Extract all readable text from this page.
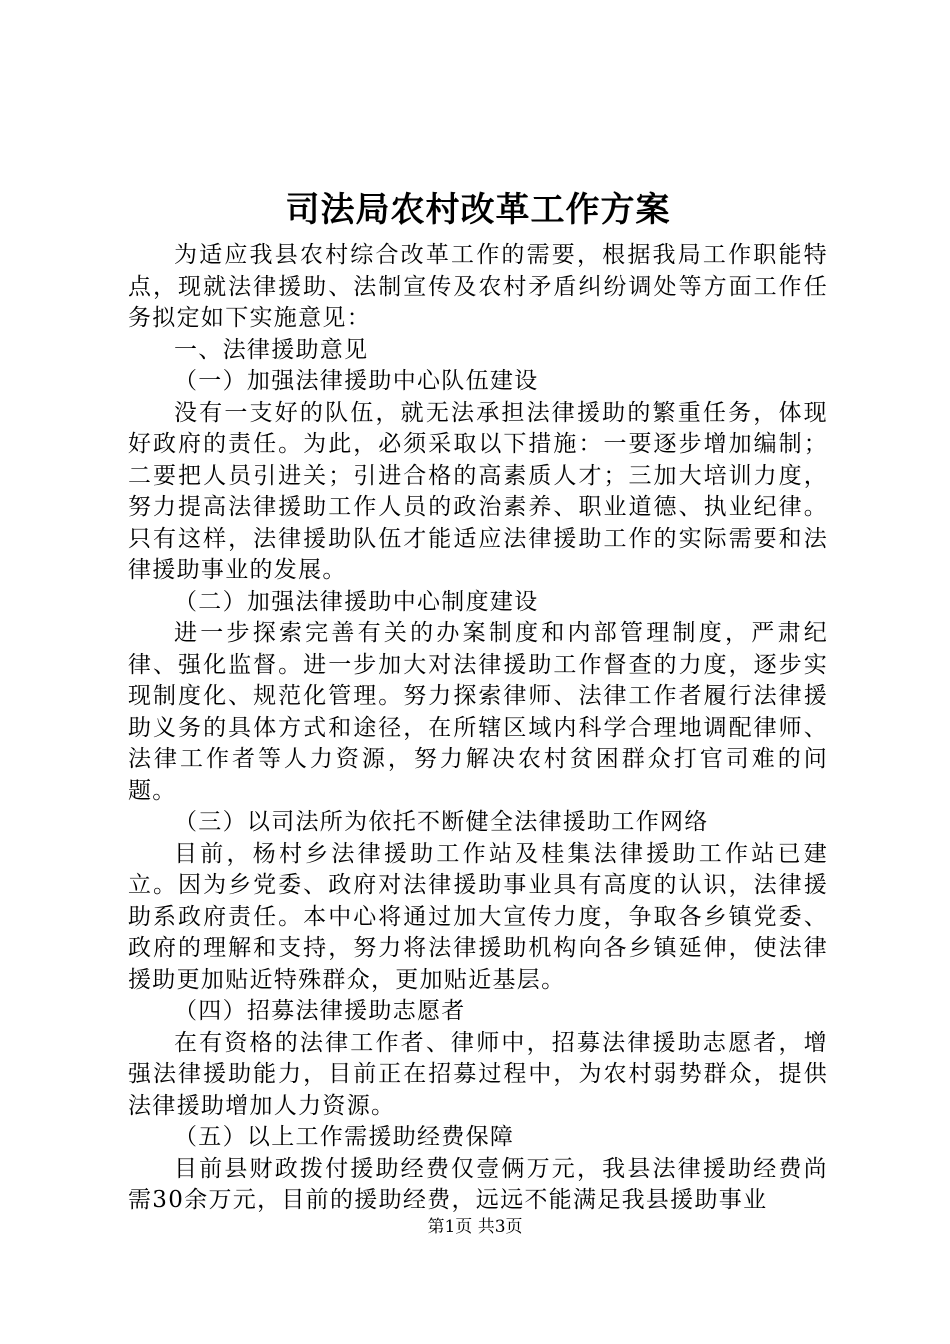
司法局农村改革工作方案

为适应我县农村综合改革工作的需要，根据我局工作职能特点，现就法律援助、法制宣传及农村矛盾纠纷调处等方面工作任务拟定如下实施意见：

一、法律援助意见

（一）加强法律援助中心队伍建设

没有一支好的队伍，就无法承担法律援助的繁重任务，体现好政府的责任。为此，必须采取以下措施：一要逐步增加编制；二要把人员引进关；引进合格的高素质人才；三加大培训力度，努力提高法律援助工作人员的政治素养、职业道德、执业纪律。只有这样，法律援助队伍才能适应法律援助工作的实际需要和法律援助事业的发展。

（二）加强法律援助中心制度建设

进一步探索完善有关的办案制度和内部管理制度，严肃纪律、强化监督。进一步加大对法律援助工作督查的力度，逐步实现制度化、规范化管理。努力探索律师、法律工作者履行法律援助义务的具体方式和途径，在所辖区域内科学合理地调配律师、法律工作者等人力资源，努力解决农村贫困群众打官司难的问题。

（三）以司法所为依托不断健全法律援助工作网络

目前，杨村乡法律援助工作站及桂集法律援助工作站已建立。因为乡党委、政府对法律援助事业具有高度的认识，法律援助系政府责任。本中心将通过加大宣传力度，争取各乡镇党委、政府的理解和支持，努力将法律援助机构向各乡镇延伸，使法律援助更加贴近特殊群众，更加贴近基层。

（四）招募法律援助志愿者

在有资格的法律工作者、律师中，招募法律援助志愿者，增强法律援助能力，目前正在招募过程中，为农村弱势群众，提供法律援助增加人力资源。

（五）以上工作需援助经费保障

目前县财政拨付援助经费仅壹俩万元，我县法律援助经费尚需30余万元，目前的援助经费，远远不能满足我县援助事业

第1页 共3页
